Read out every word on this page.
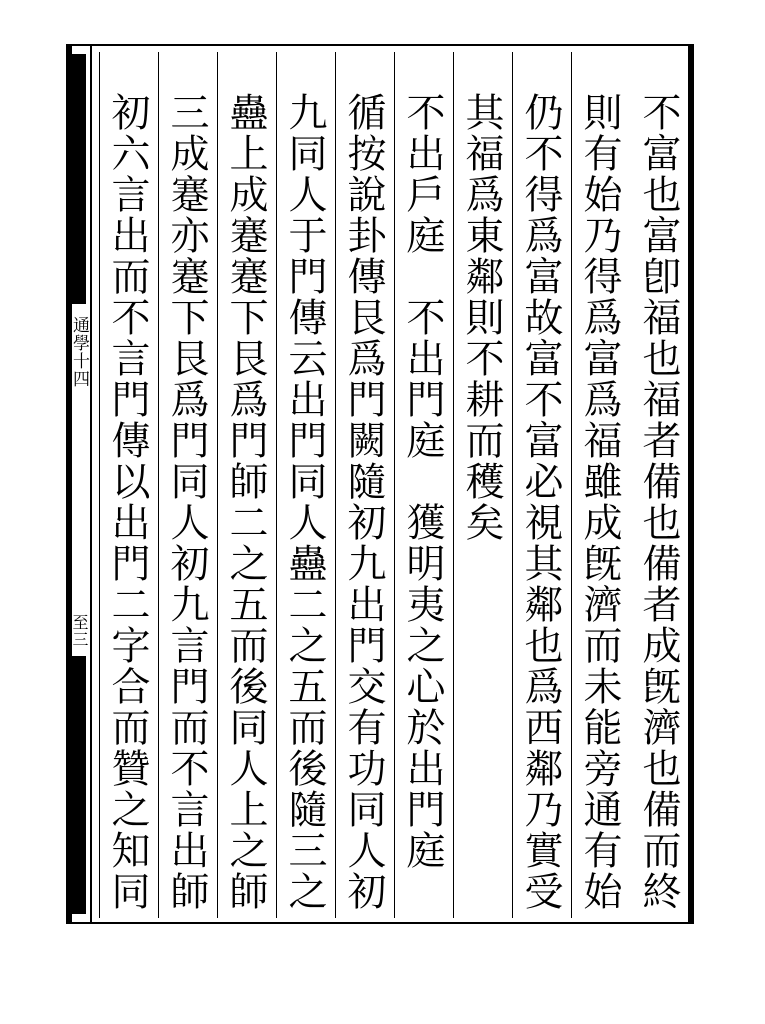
通學十四
至三	不富也富卽福也福者備也備者成旣濟也備而終
則有始乃得爲富爲福雖成旣濟而未能旁通有始
仍不得爲富故富不富必視其鄰也爲西鄰乃實受
其福爲東鄰則不耕而穫矣
不出戶庭　不出門庭　獲明夷之心於出門庭
循按說卦傳艮爲門闕隨初九出門交有功同人初
九同人于門傳云出門同人蠱二之五而後隨三之
蠱上成蹇蹇下艮爲門師二之五而後同人上之師
三成蹇亦蹇下艮爲門同人初九言門而不言出師
初六言出而不言門傳以出門二字合而贊之知同
